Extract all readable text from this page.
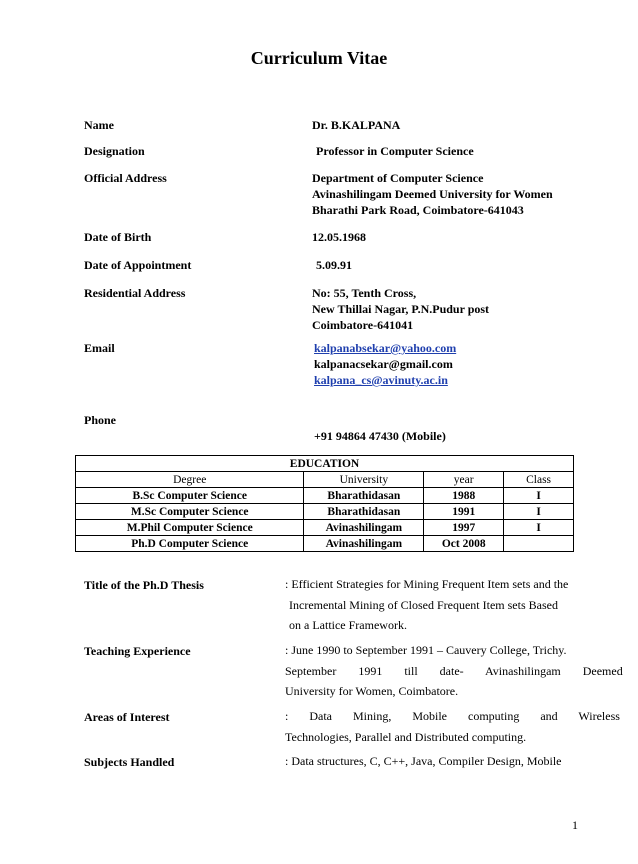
Curriculum Vitae
Name	Dr. B.KALPANA
Designation	Professor in Computer Science
Official Address	Department of Computer Science
Avinashilingam Deemed University for Women
Bharathi Park Road, Coimbatore-641043
Date of Birth	12.05.1968
Date of Appointment	5.09.91
Residential Address	No: 55, Tenth Cross,
New Thillai Nagar, P.N.Pudur post
Coimbatore-641041
Email	kalpanabsekar@yahoo.com
kalpanacsekar@gmail.com
kalpana_cs@avinuty.ac.in
Phone
+91 94864 47430 (Mobile)
EDUCATION			
Degree	University	year	Class
B.Sc Computer Science	Bharathidasan	1988	I
M.Sc Computer Science	Bharathidasan	1991	I
M.Phil Computer Science	Avinashilingam	1997	I
Ph.D Computer Science	Avinashilingam	Oct 2008	
Title of the Ph.D Thesis	: Efficient Strategies for Mining Frequent Item sets and the
Incremental Mining of Closed Frequent Item sets Based
on a Lattice Framework.
Teaching Experience	: June 1990 to September 1991 – Cauvery College, Trichy.
September 1991 till date- Avinashilingam Deemed
University for Women, Coimbatore.
Areas of Interest	: Data Mining, Mobile computing and Wireless
Technologies, Parallel and Distributed computing.
Subjects Handled	: Data structures, C, C++, Java, Compiler Design, Mobile
1
